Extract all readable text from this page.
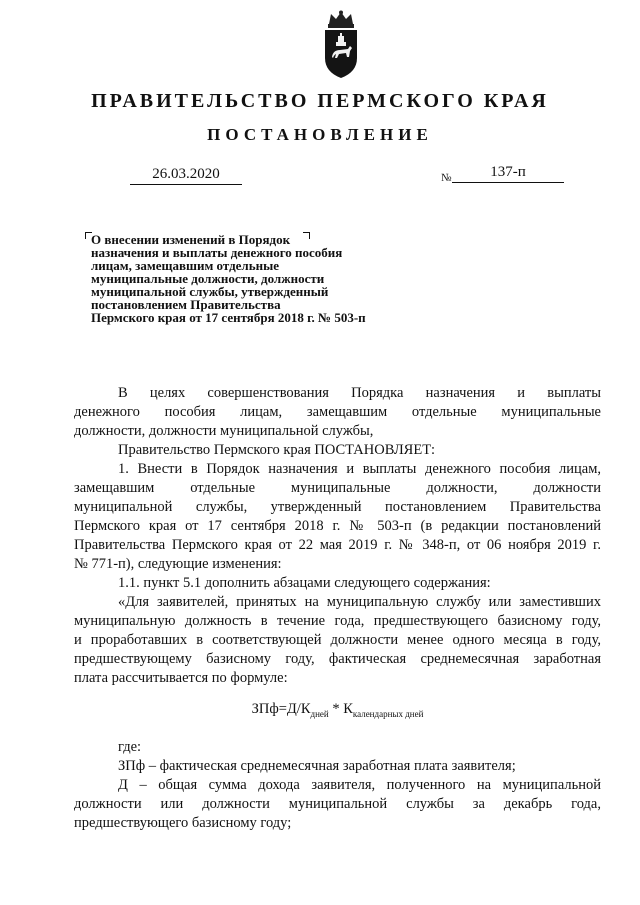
ПРАВИТЕЛЬСТВО ПЕРМСКОГО КРАЯ
ПОСТАНОВЛЕНИЕ
26.03.2020	№	137-п
О внесении изменений в Порядок
назначения и выплаты денежного пособия
лицам, замещавшим отдельные
муниципальные должности, должности
муниципальной службы, утвержденный
постановлением Правительства
Пермского края от 17 сентября 2018 г. № 503-п

В целях совершенствования Порядка назначения и выплаты

денежного пособия лицам, замещавшим отдельные муниципальные

должности, должности муниципальной службы,

Правительство Пермского края ПОСТАНОВЛЯЕТ:

1. Внести в Порядок назначения и выплаты денежного пособия лицам,

замещавшим отдельные муниципальные должности, должности

муниципальной службы, утвержденный постановлением Правительства

Пермского края от 17 сентября 2018 г. № 503-п (в редакции постановлений

Правительства Пермского края от 22 мая 2019 г. № 348-п, от 06 ноября 2019 г.

№ 771-п), следующие изменения:

1.1. пункт 5.1 дополнить абзацами следующего содержания:

«Для заявителей, принятых на муниципальную службу или заместивших

муниципальную должность в течение года, предшествующего базисному году,

и проработавших в соответствующей должности менее одного месяца в году,

предшествующему базисному году, фактическая среднемесячная заработная

плата рассчитывается по формуле:

$ЗПф=Д/К_{дней} * К_{календарных дней}$

где:

ЗПф – фактическая среднемесячная заработная плата заявителя;

Д – общая сумма дохода заявителя, полученного на муниципальной

должности или должности муниципальной службы за декабрь года,

предшествующего базисному году;
